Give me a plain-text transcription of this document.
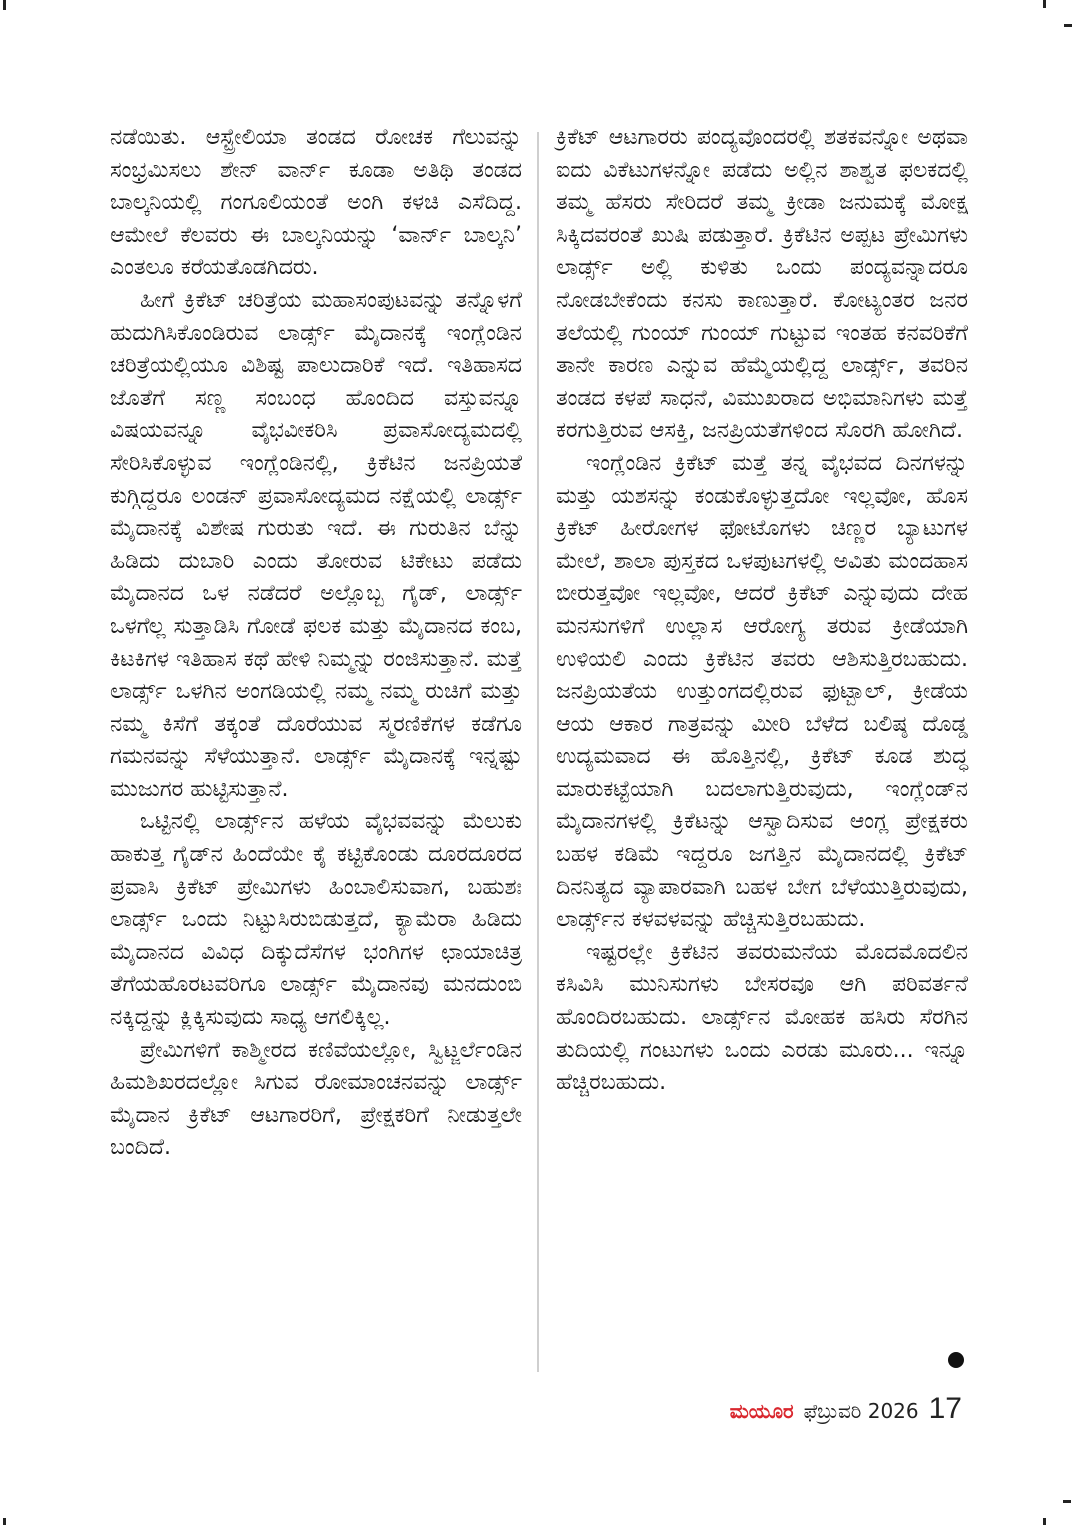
ನಡೆಯಿತು. ಆಸ್ಟ್ರೇಲಿಯಾ ತಂಡದ ರೋಚಕ ಗೆಲುವನ್ನು ಸಂಭ್ರಮಿಸಲು ಶೇನ್ ವಾರ್ನ್ ಕೂಡಾ ಅತಿಥಿ ತಂಡದ ಬಾಲ್ಕನಿಯಲ್ಲಿ ಗಂಗೂಲಿಯಂತೆ ಅಂಗಿ ಕಳಚಿ ಎಸೆದಿದ್ದ. ಆಮೇಲೆ ಕೆಲವರು ಈ ಬಾಲ್ಕನಿಯನ್ನು ‘ವಾರ್ನ್ ಬಾಲ್ಕನಿ’ ಎಂತಲೂ ಕರೆಯತೊಡಗಿದರು.

ಹೀಗೆ ಕ್ರಿಕೆಟ್ ಚರಿತ್ರೆಯ ಮಹಾಸಂಪುಟವನ್ನು ತನ್ನೊಳಗೆ ಹುದುಗಿಸಿಕೊಂಡಿರುವ ಲಾರ್ಡ್ಸ್ ಮೈದಾನಕ್ಕೆ ಇಂಗ್ಲೆಂಡಿನ ಚರಿತ್ರೆಯಲ್ಲಿಯೂ ವಿಶಿಷ್ಟ ಪಾಲುದಾರಿಕೆ ಇದೆ. ಇತಿಹಾಸದ ಜೊತೆಗೆ ಸಣ್ಣ ಸಂಬಂಧ ಹೊಂದಿದ ವಸ್ತುವನ್ನೂ ವಿಷಯವನ್ನೂ ವೈಭವೀಕರಿಸಿ ಪ್ರವಾಸೋದ್ಯಮದಲ್ಲಿ ಸೇರಿಸಿಕೊಳ್ಳುವ ಇಂಗ್ಲೆಂಡಿನಲ್ಲಿ, ಕ್ರಿಕೆಟಿನ ಜನಪ್ರಿಯತೆ ಕುಗ್ಗಿದ್ದರೂ ಲಂಡನ್ ಪ್ರವಾಸೋದ್ಯಮದ ನಕ್ಷೆಯಲ್ಲಿ ಲಾರ್ಡ್ಸ್ ಮೈದಾನಕ್ಕೆ ವಿಶೇಷ ಗುರುತು ಇದೆ. ಈ ಗುರುತಿನ ಬೆನ್ನು ಹಿಡಿದು ದುಬಾರಿ ಎಂದು ತೋರುವ ಟಿಕೇಟು ಪಡೆದು ಮೈದಾನದ ಒಳ ನಡೆದರೆ ಅಲ್ಲೊಬ್ಬ ಗೈಡ್, ಲಾರ್ಡ್ಸ್ ಒಳಗೆಲ್ಲ ಸುತ್ತಾಡಿಸಿ ಗೋಡೆ ಫಲಕ ಮತ್ತು ಮೈದಾನದ ಕಂಬ, ಕಿಟಕಿಗಳ ಇತಿಹಾಸ ಕಥೆ ಹೇಳಿ ನಿಮ್ಮನ್ನು ರಂಜಿಸುತ್ತಾನೆ. ಮತ್ತೆ ಲಾರ್ಡ್ಸ್ ಒಳಗಿನ ಅಂಗಡಿಯಲ್ಲಿ ನಮ್ಮ ನಮ್ಮ ರುಚಿಗೆ ಮತ್ತು ನಮ್ಮ ಕಿಸೆಗೆ ತಕ್ಕಂತೆ ದೊರೆಯುವ ಸ್ಮರಣಿಕೆಗಳ ಕಡೆಗೂ ಗಮನವನ್ನು ಸೆಳೆಯುತ್ತಾನೆ. ಲಾರ್ಡ್ಸ್ ಮೈದಾನಕ್ಕೆ ಇನ್ನಷ್ಟು ಮುಜುಗರ ಹುಟ್ಟಿಸುತ್ತಾನೆ.

ಒಟ್ಟಿನಲ್ಲಿ ಲಾರ್ಡ್ಸ್‌ನ ಹಳೆಯ ವೈಭವವನ್ನು ಮೆಲುಕು ಹಾಕುತ್ತ ಗೈಡ್‌ನ ಹಿಂದೆಯೇ ಕೈ ಕಟ್ಟಿಕೊಂಡು ದೂರದೂರದ ಪ್ರವಾಸಿ ಕ್ರಿಕೆಟ್ ಪ್ರೇಮಿಗಳು ಹಿಂಬಾಲಿಸುವಾಗ, ಬಹುಶಃ ಲಾರ್ಡ್ಸ್ ಒಂದು ನಿಟ್ಟುಸಿರುಬಿಡುತ್ತದೆ, ಕ್ಯಾಮೆರಾ ಹಿಡಿದು ಮೈದಾನದ ವಿವಿಧ ದಿಕ್ಕುದೆಸೆಗಳ ಭಂಗಿಗಳ ಛಾಯಾಚಿತ್ರ ತೆಗೆಯಹೊರಟವರಿಗೂ ಲಾರ್ಡ್ಸ್ ಮೈದಾನವು ಮನದುಂಬಿ ನಕ್ಕಿದ್ದನ್ನು ಕ್ಲಿಕ್ಕಿಸುವುದು ಸಾಧ್ಯ ಆಗಲಿಕ್ಕಿಲ್ಲ.

ಪ್ರೇಮಿಗಳಿಗೆ ಕಾಶ್ಮೀರದ ಕಣಿವೆಯಲ್ಲೋ, ಸ್ವಿಟ್ಜರ್ಲೆಂಡಿನ ಹಿಮಶಿಖರದಲ್ಲೋ ಸಿಗುವ ರೋಮಾಂಚನವನ್ನು ಲಾರ್ಡ್ಸ್ ಮೈದಾನ ಕ್ರಿಕೆಟ್ ಆಟಗಾರರಿಗೆ, ಪ್ರೇಕ್ಷಕರಿಗೆ ನೀಡುತ್ತಲೇ ಬಂದಿದೆ.

ಕ್ರಿಕೆಟ್ ಆಟಗಾರರು ಪಂದ್ಯವೊಂದರಲ್ಲಿ ಶತಕವನ್ನೋ ಅಥವಾ ಐದು ವಿಕೆಟುಗಳನ್ನೋ ಪಡೆದು ಅಲ್ಲಿನ ಶಾಶ್ವತ ಫಲಕದಲ್ಲಿ ತಮ್ಮ ಹೆಸರು ಸೇರಿದರೆ ತಮ್ಮ ಕ್ರೀಡಾ ಜನುಮಕ್ಕೆ ಮೋಕ್ಷ ಸಿಕ್ಕಿದವರಂತೆ ಖುಷಿ ಪಡುತ್ತಾರೆ. ಕ್ರಿಕೆಟಿನ ಅಪ್ಪಟ ಪ್ರೇಮಿಗಳು ಲಾರ್ಡ್ಸ್ ಅಲ್ಲಿ ಕುಳಿತು ಒಂದು ಪಂದ್ಯವನ್ನಾದರೂ ನೋಡಬೇಕೆಂದು ಕನಸು ಕಾಣುತ್ತಾರೆ. ಕೋಟ್ಯಂತರ ಜನರ ತಲೆಯಲ್ಲಿ ಗುಂಯ್ ಗುಂಯ್ ಗುಟ್ಟುವ ಇಂತಹ ಕನವರಿಕೆಗೆ ತಾನೇ ಕಾರಣ ಎನ್ನುವ ಹೆಮ್ಮೆಯಲ್ಲಿದ್ದ ಲಾರ್ಡ್ಸ್, ತವರಿನ ತಂಡದ ಕಳಪೆ ಸಾಧನೆ, ವಿಮುಖರಾದ ಅಭಿಮಾನಿಗಳು ಮತ್ತೆ ಕರಗುತ್ತಿರುವ ಆಸಕ್ತಿ, ಜನಪ್ರಿಯತೆಗಳಿಂದ ಸೊರಗಿ ಹೋಗಿದೆ.

ಇಂಗ್ಲೆಂಡಿನ ಕ್ರಿಕೆಟ್ ಮತ್ತೆ ತನ್ನ ವೈಭವದ ದಿನಗಳನ್ನು ಮತ್ತು ಯಶಸನ್ನು ಕಂಡುಕೊಳ್ಳುತ್ತದೋ ಇಲ್ಲವೋ, ಹೊಸ ಕ್ರಿಕೆಟ್ ಹೀರೋಗಳ ಫೋಟೊಗಳು ಚಿಣ್ಣರ ಬ್ಯಾಟುಗಳ ಮೇಲೆ, ಶಾಲಾ ಪುಸ್ತಕದ ಒಳಪುಟಗಳಲ್ಲಿ ಅವಿತು ಮಂದಹಾಸ ಬೀರುತ್ತವೋ ಇಲ್ಲವೋ, ಆದರೆ ಕ್ರಿಕೆಟ್ ಎನ್ನುವುದು ದೇಹ ಮನಸುಗಳಿಗೆ ಉಲ್ಲಾಸ ಆರೋಗ್ಯ ತರುವ ಕ್ರೀಡೆಯಾಗಿ ಉಳಿಯಲಿ ಎಂದು ಕ್ರಿಕೆಟಿನ ತವರು ಆಶಿಸುತ್ತಿರಬಹುದು. ಜನಪ್ರಿಯತೆಯ ಉತ್ತುಂಗದಲ್ಲಿರುವ ಫುಟ್ಬಾಲ್, ಕ್ರೀಡೆಯ ಆಯ ಆಕಾರ ಗಾತ್ರವನ್ನು ಮೀರಿ ಬೆಳೆದ ಬಲಿಷ್ಠ ದೊಡ್ಡ ಉದ್ಯಮವಾದ ಈ ಹೊತ್ತಿನಲ್ಲಿ, ಕ್ರಿಕೆಟ್ ಕೂಡ ಶುದ್ಧ ಮಾರುಕಟ್ಟೆಯಾಗಿ ಬದಲಾಗುತ್ತಿರುವುದು, ಇಂಗ್ಲೆಂಡ್‌ನ ಮೈದಾನಗಳಲ್ಲಿ ಕ್ರಿಕೆಟನ್ನು ಆಸ್ವಾದಿಸುವ ಆಂಗ್ಲ ಪ್ರೇಕ್ಷಕರು ಬಹಳ ಕಡಿಮೆ ಇದ್ದರೂ ಜಗತ್ತಿನ ಮೈದಾನದಲ್ಲಿ ಕ್ರಿಕೆಟ್ ದಿನನಿತ್ಯದ ವ್ಯಾಪಾರವಾಗಿ ಬಹಳ ಬೇಗ ಬೆಳೆಯುತ್ತಿರುವುದು, ಲಾರ್ಡ್ಸ್‌ನ ಕಳವಳವನ್ನು ಹೆಚ್ಚಿಸುತ್ತಿರಬಹುದು.

ಇಷ್ಟರಲ್ಲೇ ಕ್ರಿಕೆಟಿನ ತವರುಮನೆಯ ಮೊದಮೊದಲಿನ ಕಸಿವಿಸಿ ಮುನಿಸುಗಳು ಬೇಸರವೂ ಆಗಿ ಪರಿವರ್ತನೆ ಹೊಂದಿರಬಹುದು. ಲಾರ್ಡ್ಸ್‌ನ ಮೋಹಕ ಹಸಿರು ಸೆರಗಿನ ತುದಿಯಲ್ಲಿ ಗಂಟುಗಳು ಒಂದು ಎರಡು ಮೂರು... ಇನ್ನೂ ಹೆಚ್ಚಿರಬಹುದು.

ಮಯೂರ ಫೆಬ್ರುವರಿ 2026 17
